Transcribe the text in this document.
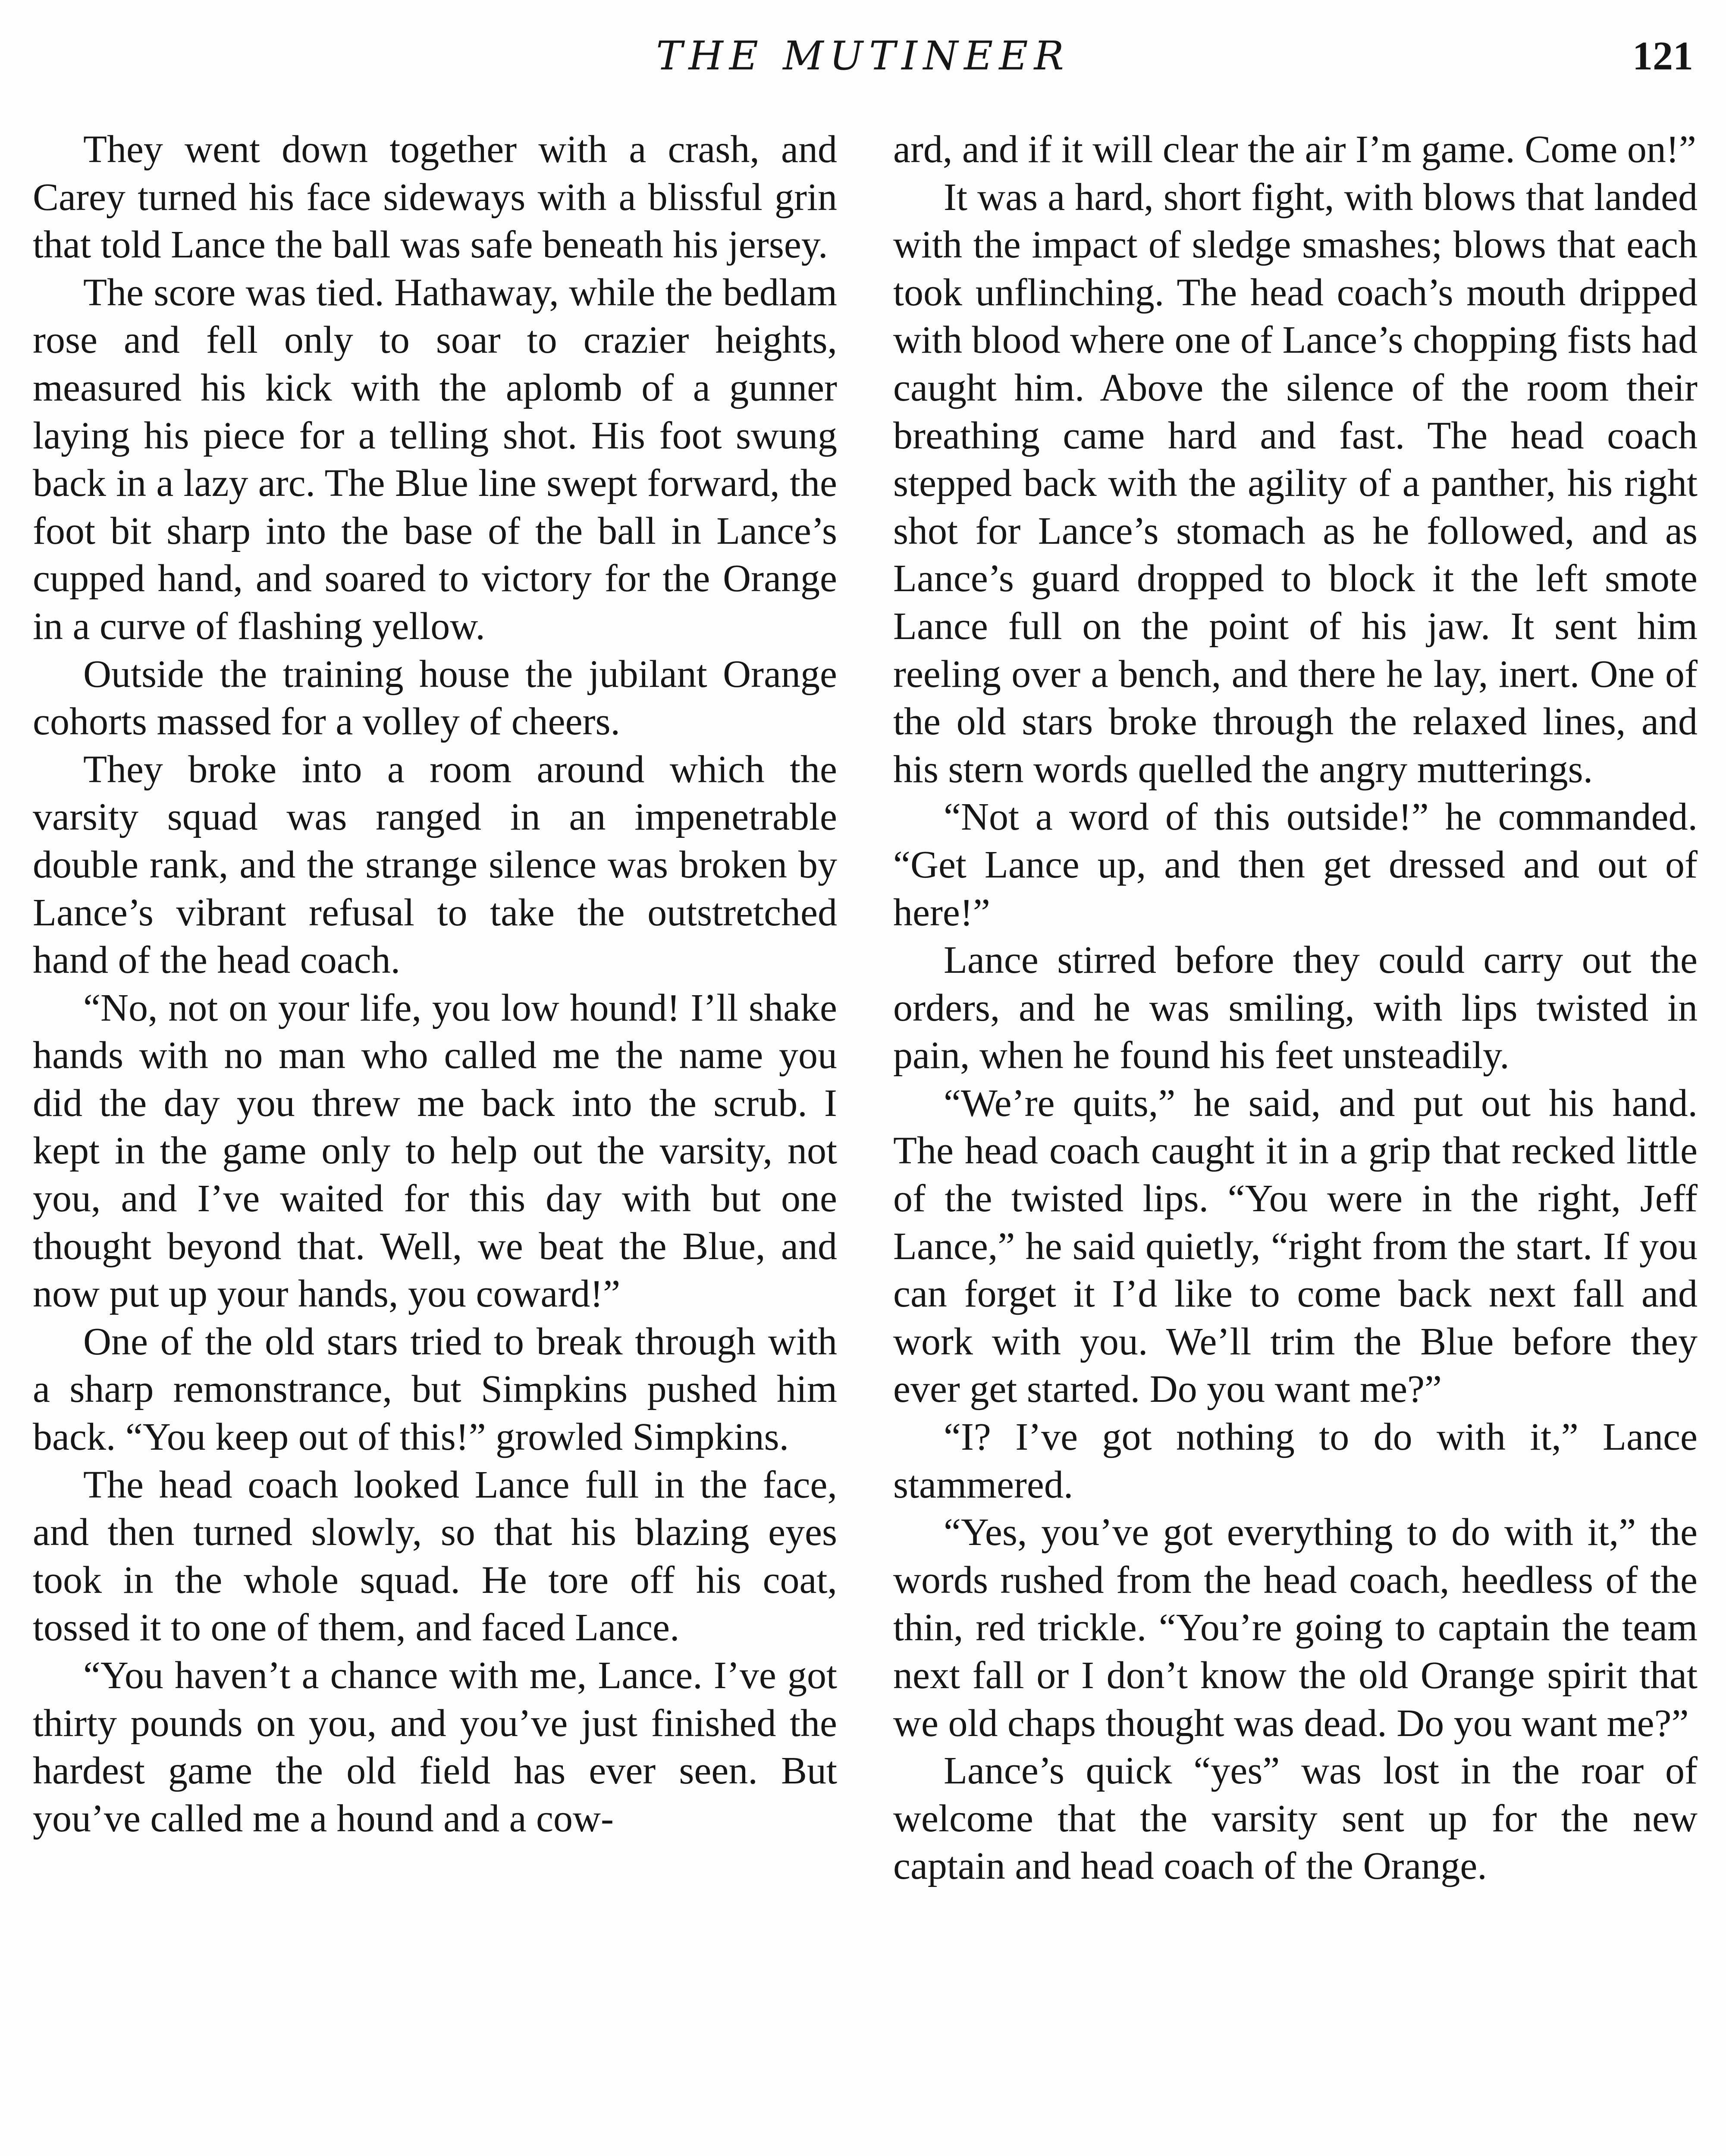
THE MUTINEER	121

They went down together with a crash, and Carey turned his face sideways with a blissful grin that told Lance the ball was safe beneath his jersey.

The score was tied. Hathaway, while the bedlam rose and fell only to soar to crazier heights, measured his kick with the aplomb of a gunner laying his piece for a telling shot. His foot swung back in a lazy arc. The Blue line swept forward, the foot bit sharp into the base of the ball in Lance’s cupped hand, and soared to victory for the Orange in a curve of flashing yellow.

Outside the training house the jubilant Orange cohorts massed for a volley of cheers.

They broke into a room around which the varsity squad was ranged in an impenetrable double rank, and the strange silence was broken by Lance’s vibrant refusal to take the outstretched hand of the head coach.

“No, not on your life, you low hound! I’ll shake hands with no man who called me the name you did the day you threw me back into the scrub. I kept in the game only to help out the varsity, not you, and I’ve waited for this day with but one thought beyond that. Well, we beat the Blue, and now put up your hands, you coward!”

One of the old stars tried to break through with a sharp remonstrance, but Simpkins pushed him back. “You keep out of this!” growled Simpkins.

The head coach looked Lance full in the face, and then turned slowly, so that his blazing eyes took in the whole squad. He tore off his coat, tossed it to one of them, and faced Lance.

“You haven’t a chance with me, Lance. I’ve got thirty pounds on you, and you’ve just finished the hardest game the old field has ever seen. But you’ve called me a hound and a cow-

ard, and if it will clear the air I’m game. Come on!”

It was a hard, short fight, with blows that landed with the impact of sledge smashes; blows that each took unflinching. The head coach’s mouth dripped with blood where one of Lance’s chopping fists had caught him. Above the silence of the room their breathing came hard and fast. The head coach stepped back with the agility of a panther, his right shot for Lance’s stomach as he followed, and as Lance’s guard dropped to block it the left smote Lance full on the point of his jaw. It sent him reeling over a bench, and there he lay, inert. One of the old stars broke through the relaxed lines, and his stern words quelled the angry mutterings.

“Not a word of this outside!” he commanded. “Get Lance up, and then get dressed and out of here!”

Lance stirred before they could carry out the orders, and he was smiling, with lips twisted in pain, when he found his feet unsteadily.

“We’re quits,” he said, and put out his hand. The head coach caught it in a grip that recked little of the twisted lips. “You were in the right, Jeff Lance,” he said quietly, “right from the start. If you can forget it I’d like to come back next fall and work with you. We’ll trim the Blue before they ever get started. Do you want me?”

“I? I’ve got nothing to do with it,” Lance stammered.

“Yes, you’ve got everything to do with it,” the words rushed from the head coach, heedless of the thin, red trickle. “You’re going to captain the team next fall or I don’t know the old Orange spirit that we old chaps thought was dead. Do you want me?”

Lance’s quick “yes” was lost in the roar of welcome that the varsity sent up for the new captain and head coach of the Orange.
